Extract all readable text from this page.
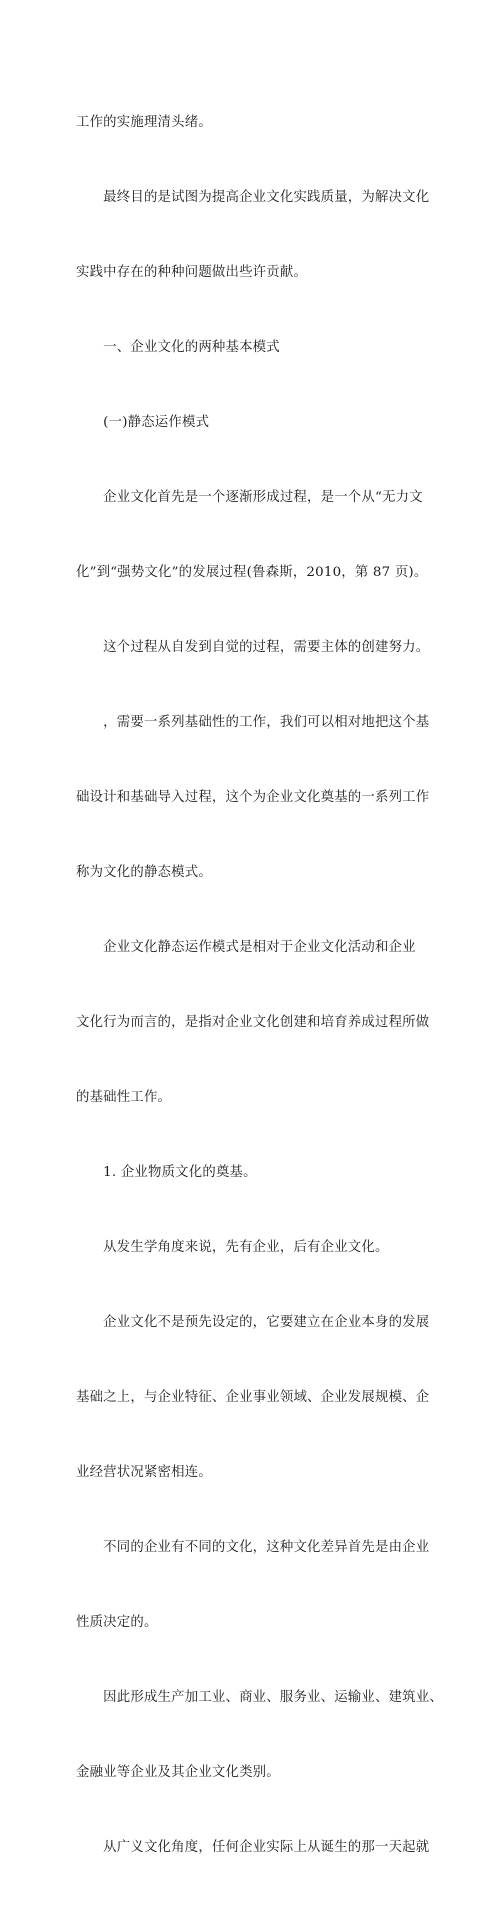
工作的实施理清头绪。

　　最终目的是试图为提高企业文化实践质量，为解决文化

实践中存在的种种问题做出些许贡献。

　　一、企业文化的两种基本模式

　　(一)静态运作模式

　　企业文化首先是一个逐渐形成过程，是一个从“无力文

化”到“强势文化”的发展过程(鲁森斯，2010，第 87 页)。

　　这个过程从自发到自觉的过程，需要主体的创建努力。

　　，需要一系列基础性的工作，我们可以相对地把这个基

础设计和基础导入过程，这个为企业文化奠基的一系列工作

称为文化的静态模式。

　　企业文化静态运作模式是相对于企业文化活动和企业

文化行为而言的，是指对企业文化创建和培育养成过程所做

的基础性工作。

　　1. 企业物质文化的奠基。

　　从发生学角度来说，先有企业，后有企业文化。

　　企业文化不是预先设定的，它要建立在企业本身的发展

基础之上，与企业特征、企业事业领域、企业发展规模、企

业经营状况紧密相连。

　　不同的企业有不同的文化，这种文化差异首先是由企业

性质决定的。

　　因此形成生产加工业、商业、服务业、运输业、建筑业、

金融业等企业及其企业文化类别。

　　从广义文化角度，任何企业实际上从诞生的那一天起就
